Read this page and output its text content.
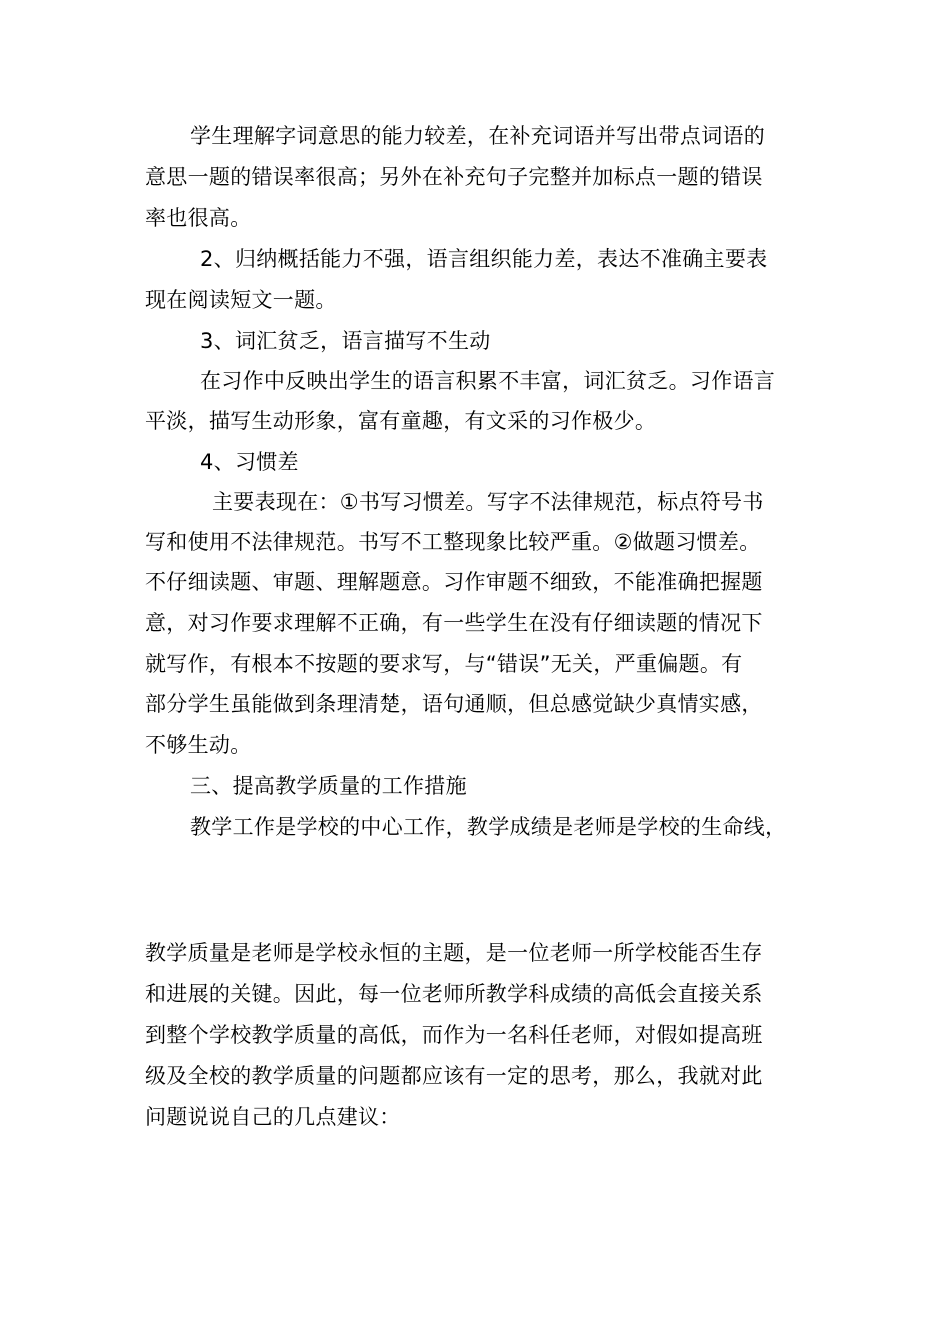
学生理解字词意思的能力较差，在补充词语并写出带点词语的
意思一题的错误率很高；另外在补充句子完整并加标点一题的错误
率也很高。
2、归纳概括能力不强，语言组织能力差，表达不准确主要表
现在阅读短文一题。
3、词汇贫乏，语言描写不生动
在习作中反映出学生的语言积累不丰富，词汇贫乏。习作语言
平淡，描写生动形象，富有童趣，有文采的习作极少。
4、习惯差
主要表现在：①书写习惯差。写字不法律规范，标点符号书
写和使用不法律规范。书写不工整现象比较严重。②做题习惯差。
不仔细读题、审题、理解题意。习作审题不细致，不能准确把握题
意，对习作要求理解不正确，有一些学生在没有仔细读题的情况下
就写作，有根本不按题的要求写，与“错误”无关，严重偏题。有
部分学生虽能做到条理清楚，语句通顺，但总感觉缺少真情实感，
不够生动。
三、提高教学质量的工作措施
教学工作是学校的中心工作，教学成绩是老师是学校的生命线，
教学质量是老师是学校永恒的主题，是一位老师一所学校能否生存
和进展的关键。因此，每一位老师所教学科成绩的高低会直接关系
到整个学校教学质量的高低，而作为一名科任老师，对假如提高班
级及全校的教学质量的问题都应该有一定的思考，那么，我就对此
问题说说自己的几点建议：
